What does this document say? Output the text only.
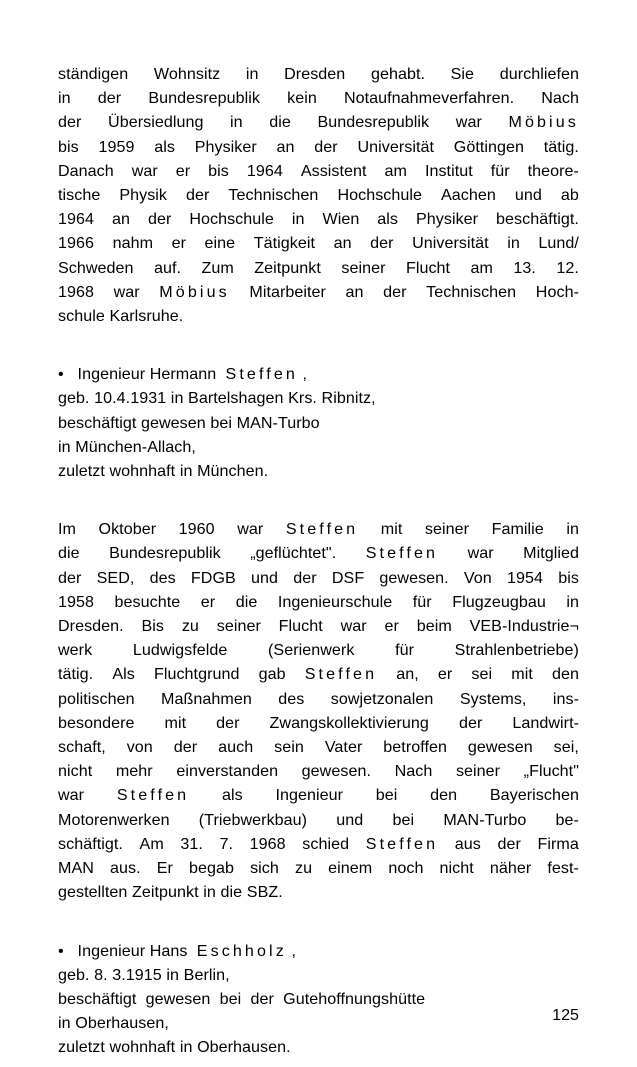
ständigen Wohnsitz in Dresden gehabt. Sie durchliefen
in der Bundesrepublik kein Notaufnahmeverfahren. Nach
der Übersiedlung in die Bundesrepublik war Möbius
bis 1959 als Physiker an der Universität Göttingen tätig.
Danach war er bis 1964 Assistent am Institut für theore-
tische Physik der Technischen Hochschule Aachen und ab
1964 an der Hochschule in Wien als Physiker beschäftigt.
1966 nahm er eine Tätigkeit an der Universität in Lund/
Schweden auf. Zum Zeitpunkt seiner Flucht am 13. 12.
1968 war Möbius Mitarbeiter an der Technischen Hoch-
schule Karlsruhe.
•   Ingenieur Hermann  Steffen ,
geb. 10.4.1931 in Bartelshagen Krs. Ribnitz,
beschäftigt gewesen bei MAN-Turbo
in München-Allach,
zuletzt wohnhaft in München.
Im Oktober 1960 war Steffen mit seiner Familie in
die Bundesrepublik „geflüchtet". Steffen war Mitglied
der SED, des FDGB und der DSF gewesen. Von 1954 bis
1958 besuchte er die Ingenieurschule für Flugzeugbau in
Dresden. Bis zu seiner Flucht war er beim VEB-Industrie¬
werk	Ludwigsfelde	(Serienwerk	für	Strahlenbetriebe)
tätig. Als Fluchtgrund gab Steffen an, er sei mit den
politischen Maßnahmen des sowjetzonalen Systems, ins-
besondere mit der Zwangskollektivierung der Landwirt-
schaft, von der auch sein Vater betroffen gewesen sei,
nicht mehr einverstanden gewesen. Nach seiner „Flucht"
war Steffen als Ingenieur bei den Bayerischen
Motorenwerken (Triebwerkbau) und bei MAN-Turbo be-
schäftigt. Am 31. 7. 1968 schied Steffen aus der Firma
MAN aus. Er begab sich zu einem noch nicht näher fest-
gestellten Zeitpunkt in die SBZ.
•   Ingenieur Hans  Eschholz ,
geb. 8. 3.1915 in Berlin,
beschäftigt  gewesen  bei  der  Gutehoffnungshütte
in Oberhausen,
zuletzt wohnhaft in Oberhausen.
125
